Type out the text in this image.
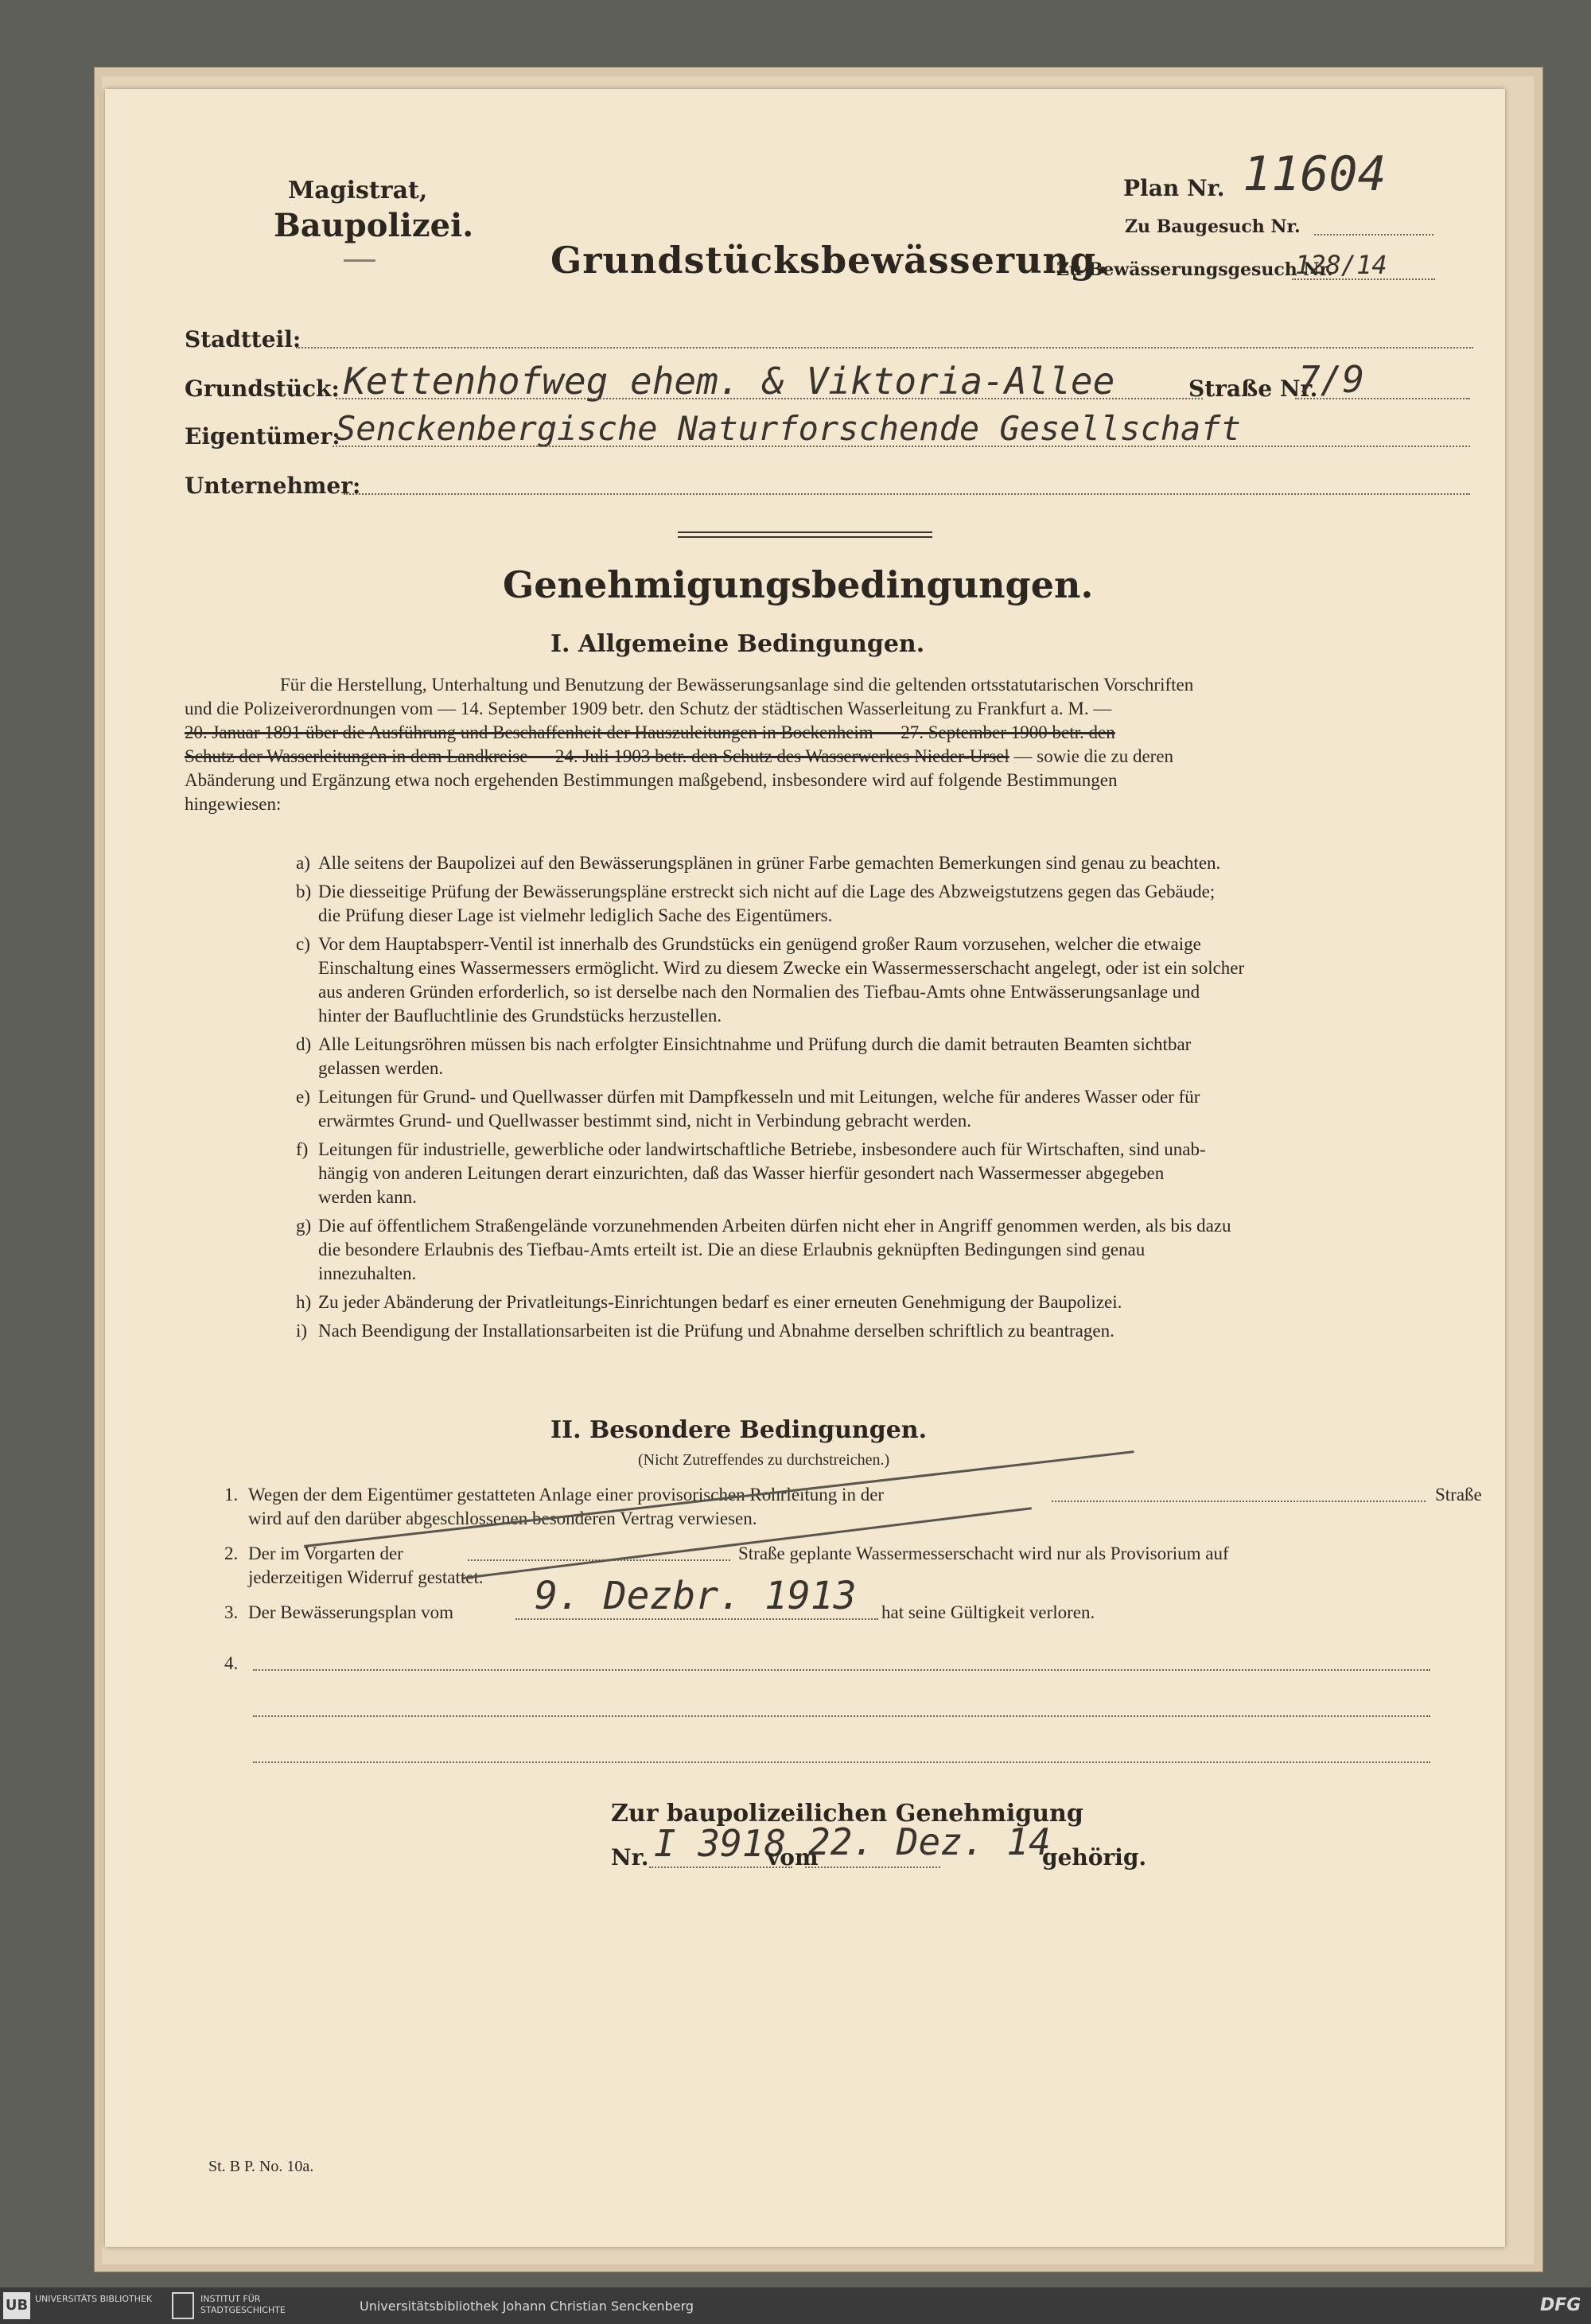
Magistrat,
Baupolizei.
Grundstücksbewässerung.
Plan Nr. 11604
Zu Baugesuch Nr.
Zu Bewässerungsgesuch Nr.
128/14
Stadtteil:
Grundstück: Kettenhofweg ehem. & Viktoria-Allee	Straße Nr.
7/9
Eigentümer:
Senckenbergische Naturforschende Gesellschaft
Unternehmer:
Genehmigungsbedingungen.
I. Allgemeine Bedingungen.
Für die Herstellung, Unterhaltung und Benutzung der Bewässerungsanlage sind die geltenden ortsstatutarischen Vorschriften
und die Polizeiverordnungen vom — 14. September 1909 betr. den Schutz der städtischen Wasserleitung zu Frankfurt a. M. —
20. Januar 1891 über die Ausführung und Beschaffenheit der Hauszuleitungen in Bockenheim — 27. September 1900 betr. den
Schutz der Wasserleitungen in dem Landkreise — 24. Juli 1903 betr. den Schutz des Wasserwerkes Nieder-Ursel — sowie die zu deren
Abänderung und Ergänzung etwa noch ergehenden Bestimmungen maßgebend, insbesondere wird auf folgende Bestimmungen
hingewiesen:
a) Alle seitens der Baupolizei auf den Bewässerungsplänen in grüner Farbe gemachten Bemerkungen sind genau zu beachten.
b) Die diesseitige Prüfung der Bewässerungspläne erstreckt sich nicht auf die Lage des Abzweigstutzens gegen das Gebäude;
die Prüfung dieser Lage ist vielmehr lediglich Sache des Eigentümers.
c) Vor dem Hauptabsperr-Ventil ist innerhalb des Grundstücks ein genügend großer Raum vorzusehen, welcher die etwaige
Einschaltung eines Wassermessers ermöglicht. Wird zu diesem Zwecke ein Wassermesserschacht angelegt, oder ist ein solcher
aus anderen Gründen erforderlich, so ist derselbe nach den Normalien des Tiefbau-Amts ohne Entwässerungsanlage und
hinter der Baufluchtlinie des Grundstücks herzustellen.
d) Alle Leitungsröhren müssen bis nach erfolgter Einsichtnahme und Prüfung durch die damit betrauten Beamten sichtbar
gelassen werden.
e) Leitungen für Grund- und Quellwasser dürfen mit Dampfkesseln und mit Leitungen, welche für anderes Wasser oder für
erwärmtes Grund- und Quellwasser bestimmt sind, nicht in Verbindung gebracht werden.
f) Leitungen für industrielle, gewerbliche oder landwirtschaftliche Betriebe, insbesondere auch für Wirtschaften, sind unab-
hängig von anderen Leitungen derart einzurichten, daß das Wasser hierfür gesondert nach Wassermesser abgegeben
werden kann.
g) Die auf öffentlichem Straßengelände vorzunehmenden Arbeiten dürfen nicht eher in Angriff genommen werden, als bis dazu
die besondere Erlaubnis des Tiefbau-Amts erteilt ist. Die an diese Erlaubnis geknüpften Bedingungen sind genau
innezuhalten.
h) Zu jeder Abänderung der Privatleitungs-Einrichtungen bedarf es einer erneuten Genehmigung der Baupolizei.
i) Nach Beendigung der Installationsarbeiten ist die Prüfung und Abnahme derselben schriftlich zu beantragen.
II. Besondere Bedingungen.
(Nicht Zutreffendes zu durchstreichen.)
1. Wegen der dem Eigentümer gestatteten Anlage einer provisorischen Rohrleitung in der	Straße
wird auf den darüber abgeschlossenen besonderen Vertrag verwiesen.
2. Der im Vorgarten der	Straße geplante Wassermesserschacht wird nur als Provisorium auf
jederzeitigen Widerruf gestattet.
3. Der Bewässerungsplan vom 9. Dezbr. 1913 hat seine Gültigkeit verloren.
4.
Zur baupolizeilichen Genehmigung
Nr. I 3918
vom
22. Dez. 14
gehörig.
St. B P. No. 10a.
UB UNIVERSITÄTS BIBLIOTHEK	INSTITUT FÜR STADTGESCHICHTE	Universitätsbibliothek Johann Christian Senckenberg	DFG
